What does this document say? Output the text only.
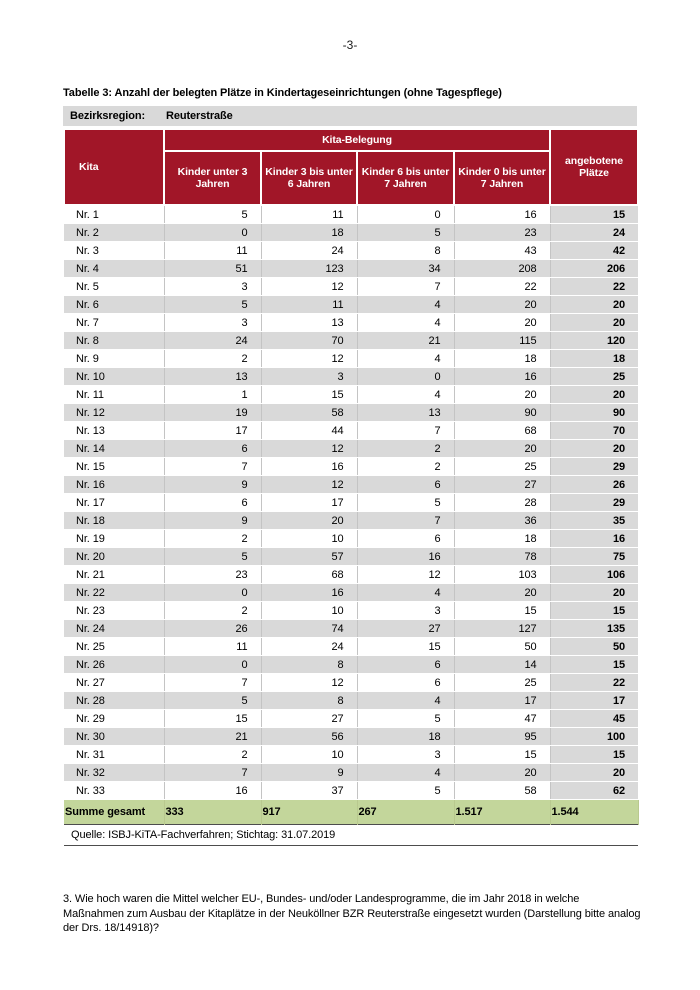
-3-
Tabelle 3: Anzahl der belegten Plätze in Kindertageseinrichtungen (ohne Tagespflege)
Bezirksregion:	Reuterstraße
Kita	Kita-Belegung				angebotene Plätze
	Kinder unter 3 Jahren	Kinder 3 bis unter 6 Jahren	Kinder 6 bis unter 7 Jahren	Kinder 0 bis unter 7 Jahren	
Nr. 1	5	11	0	16	15
Nr. 2	0	18	5	23	24
Nr. 3	11	24	8	43	42
Nr. 4	51	123	34	208	206
Nr. 5	3	12	7	22	22
Nr. 6	5	11	4	20	20
Nr. 7	3	13	4	20	20
Nr. 8	24	70	21	115	120
Nr. 9	2	12	4	18	18
Nr. 10	13	3	0	16	25
Nr. 11	1	15	4	20	20
Nr. 12	19	58	13	90	90
Nr. 13	17	44	7	68	70
Nr. 14	6	12	2	20	20
Nr. 15	7	16	2	25	29
Nr. 16	9	12	6	27	26
Nr. 17	6	17	5	28	29
Nr. 18	9	20	7	36	35
Nr. 19	2	10	6	18	16
Nr. 20	5	57	16	78	75
Nr. 21	23	68	12	103	106
Nr. 22	0	16	4	20	20
Nr. 23	2	10	3	15	15
Nr. 24	26	74	27	127	135
Nr. 25	11	24	15	50	50
Nr. 26	0	8	6	14	15
Nr. 27	7	12	6	25	22
Nr. 28	5	8	4	17	17
Nr. 29	15	27	5	47	45
Nr. 30	21	56	18	95	100
Nr. 31	2	10	3	15	15
Nr. 32	7	9	4	20	20
Nr. 33	16	37	5	58	62
Summe gesamt	333	917	267	1.517	1.544
Quelle: ISBJ-KiTA-Fachverfahren; Stichtag: 31.07.2019					
3. Wie hoch waren die Mittel welcher EU-, Bundes- und/oder Landesprogramme, die im Jahr 2018 in welche Maßnahmen zum Ausbau der Kitaplätze in der Neuköllner BZR Reuterstraße eingesetzt wurden (Darstellung bitte analog der Drs. 18/14918)?
